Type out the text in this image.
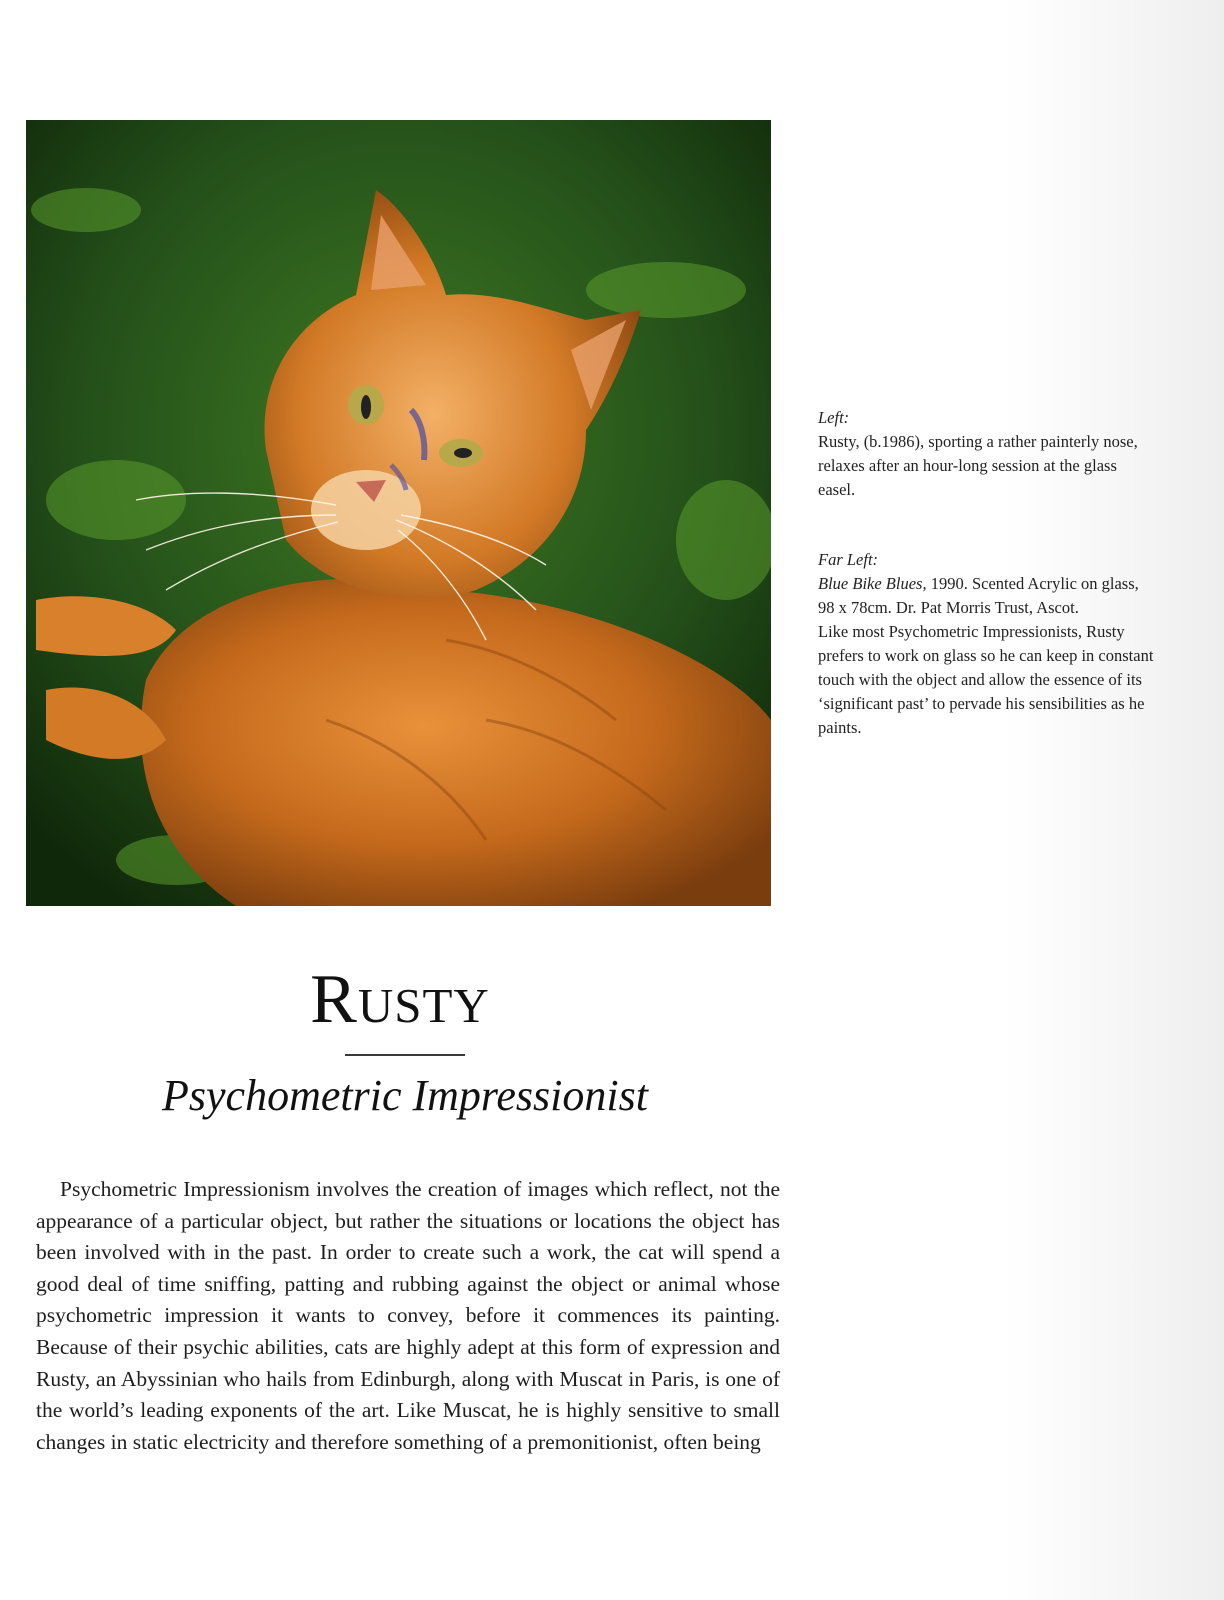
Left:
Rusty, (b.1986), sporting a rather painterly nose, relaxes after an hour-long session at the glass easel.

Far Left:
Blue Bike Blues, 1990. Scented Acrylic on glass, 98 x 78cm. Dr. Pat Morris Trust, Ascot.
Like most Psychometric Impressionists, Rusty prefers to work on glass so he can keep in constant touch with the object and allow the essence of its ‘significant past’ to pervade his sensibilities as he paints.

Rusty
Psychometric Impressionist

Psychometric Impressionism involves the creation of images which reflect, not the appearance of a particular object, but rather the situations or locations the object has been involved with in the past. In order to create such a work, the cat will spend a good deal of time sniffing, patting and rubbing against the object or animal whose psychometric impression it wants to convey, before it commences its painting. Because of their psychic abilities, cats are highly adept at this form of expression and Rusty, an Abyssinian who hails from Edinburgh, along with Muscat in Paris, is one of the world’s leading exponents of the art. Like Muscat, he is highly sensitive to small changes in static electricity and therefore something of a premonitionist, often being
